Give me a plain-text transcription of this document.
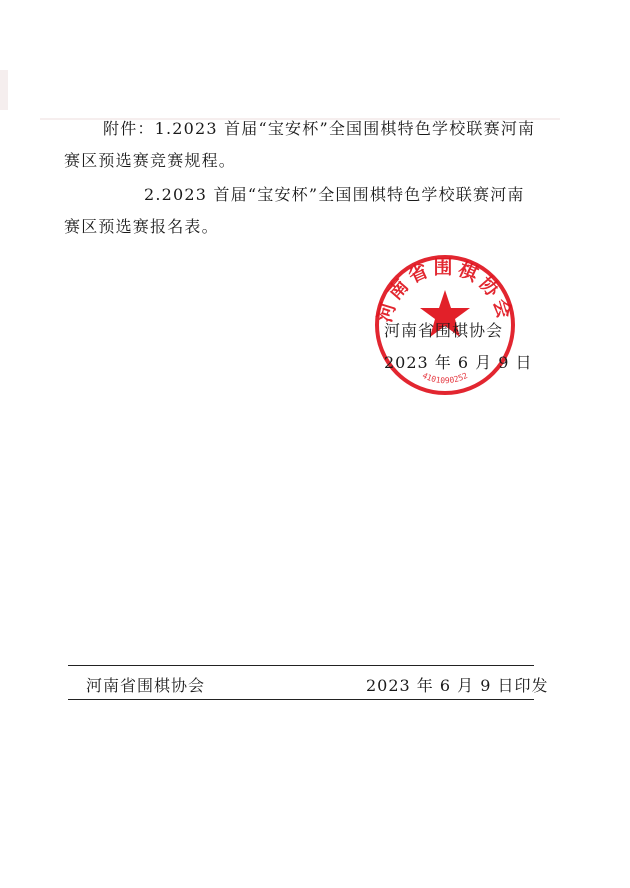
附件：1.2023 首届“宝安杯”全国围棋特色学校联赛河南
赛区预选赛竞赛规程。
2.2023 首届“宝安杯”全国围棋特色学校联赛河南
赛区预选赛报名表。
河南省围棋协会
4101090252
河南省围棋协会
2023 年 6 月 9 日
河南省围棋协会	2023 年 6 月 9 日印发
